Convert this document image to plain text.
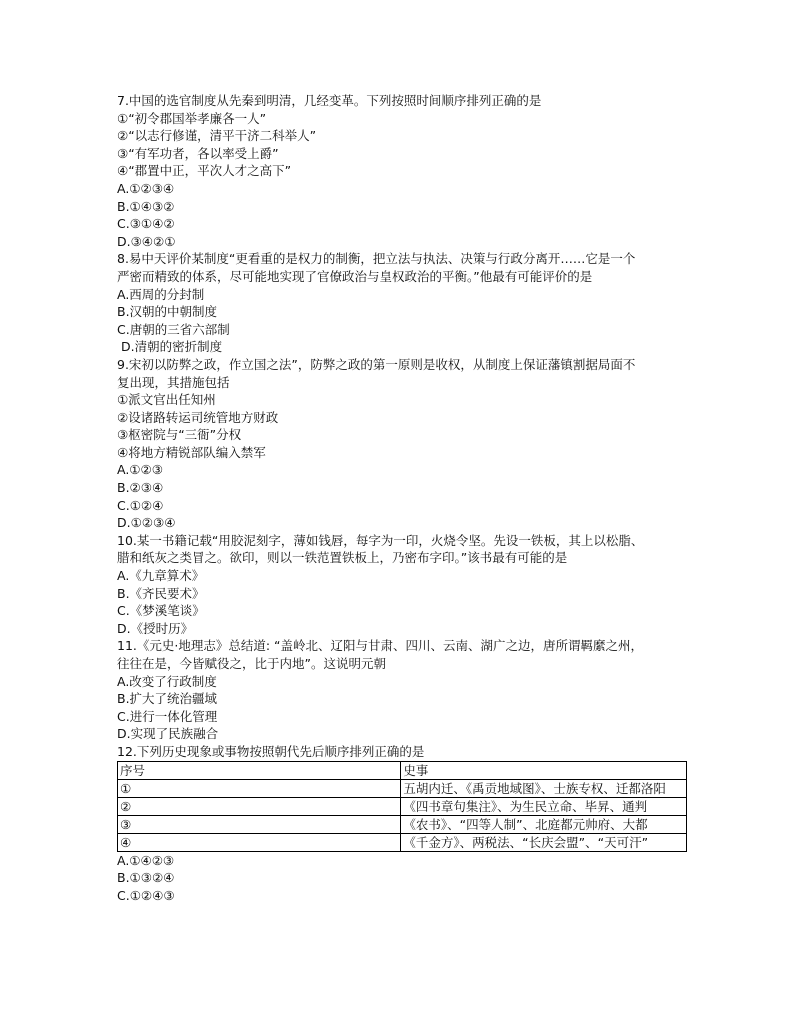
7.中国的选官制度从先秦到明清，几经变革。下列按照时间顺序排列正确的是
①“初令郡国举孝廉各一人”
②“以志行修谨，清平干济二科举人”
③“有军功者，各以率受上爵”
④“郡置中正，平次人才之高下”
A.①②③④
B.①④③②
C.③①④②
D.③④②①
8.易中天评价某制度“更看重的是权力的制衡，把立法与执法、决策与行政分离开……它是一个
严密而精致的体系，尽可能地实现了官僚政治与皇权政治的平衡。”他最有可能评价的是
A.西周的分封制
B.汉朝的中朝制度
C.唐朝的三省六部制
D.清朝的密折制度
9.宋初以防弊之政，作立国之法”，防弊之政的第一原则是收权，从制度上保证藩镇割据局面不
复出现，其措施包括
①派文官出任知州
②设诸路转运司统管地方财政
③枢密院与“三衙”分权
④将地方精锐部队编入禁军
A.①②③
B.②③④
C.①②④
D.①②③④
10.某一书籍记载“用胶泥刻字，薄如钱唇，每字为一印，火烧令坚。先设一铁板，其上以松脂、
腊和纸灰之类冒之。欲印，则以一铁范置铁板上，乃密布字印。”该书最有可能的是
A.《九章算术》
B.《齐民要术》
C.《梦溪笔谈》
D.《授时历》
11.《元史·地理志》总结道: “盖岭北、辽阳与甘肃、四川、云南、湖广之边，唐所谓羁縻之州，
往往在是，今皆赋役之，比于内地”。这说明元朝
A.改变了行政制度
B.扩大了统治疆域
C.进行一体化管理
D.实现了民族融合
12.下列历史现象或事物按照朝代先后顺序排列正确的是
序号	史事
①	五胡内迁、《禹贡地域图》、士族专权、迁都洛阳
②	《四书章句集注》、为生民立命、毕昇、通判
③	《农书》、“四等人制”、北庭都元帅府、大都
④	《千金方》、两税法、“长庆会盟”、“天可汗”
A.①④②③
B.①③②④
C.①②④③
